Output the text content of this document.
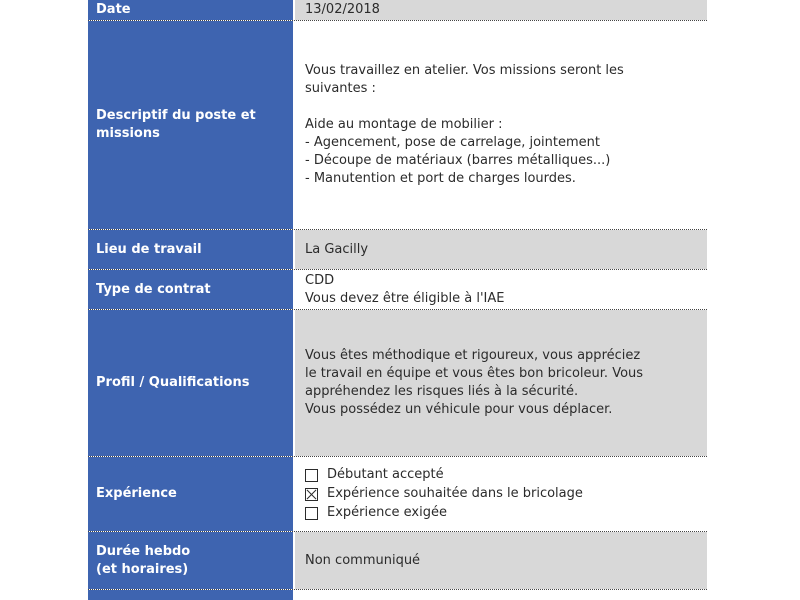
Date	13/02/2018
Descriptif du poste et missions
Vous travaillez en atelier. Vos missions seront les
suivantes :
Aide au montage de mobilier :
- Agencement, pose de carrelage, jointement
- Découpe de matériaux (barres métalliques...)
- Manutention et port de charges lourdes.
Lieu de travail	La Gacilly
Type de contrat
CDD
Vous devez être éligible à l'IAE
Profil / Qualifications
Vous êtes méthodique et rigoureux, vous appréciez
le travail en équipe et vous êtes bon bricoleur. Vous
appréhendez les risques liés à la sécurité.
Vous possédez un véhicule pour vous déplacer.
Expérience
Débutant accepté
Expérience souhaitée dans le bricolage
Expérience exigée
Durée hebdo
(et horaires)
Non communiqué
